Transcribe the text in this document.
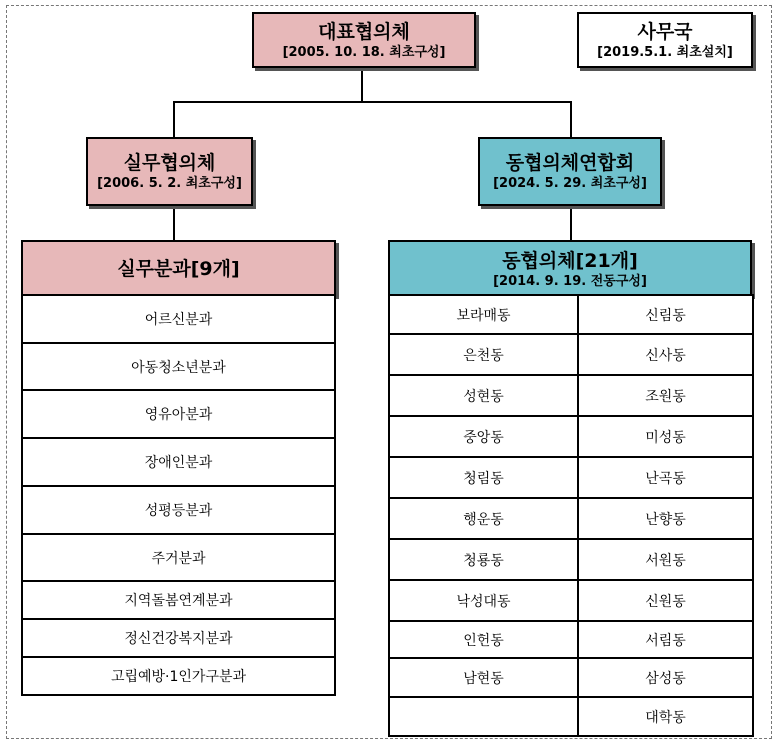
대표협의체
[2005. 10. 18. 최초구성]
사무국
[2019.5.1. 최초설치]
실무협의체
[2006. 5. 2. 최초구성]
동협의체연합회
[2024. 5. 29. 최초구성]
실무분과[9개]
어르신분과
아동청소년분과
영유아분과
장애인분과
성평등분과
주거분과
지역돌봄연계분과
정신건강복지분과
고립예방·1인가구분과
동협의체[21개]
[2014. 9. 19. 전동구성]
보라매동	신림동
은천동	신사동
성현동	조원동
중앙동	미성동
청림동	난곡동
행운동	난향동
청룡동	서원동
낙성대동	신원동
인헌동	서림동
남현동	삼성동
	대학동
